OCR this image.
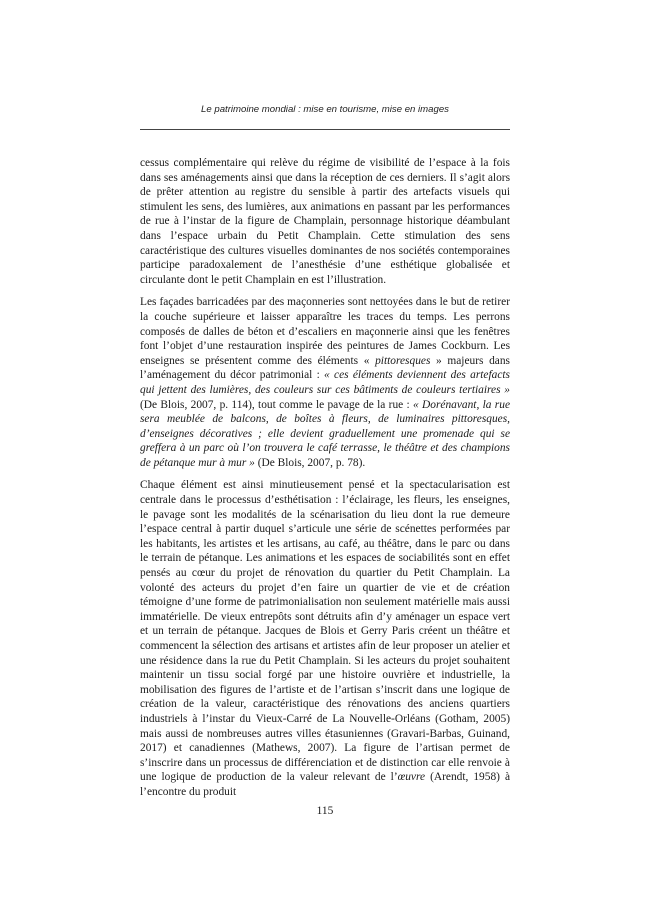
Le patrimoine mondial : mise en tourisme, mise en images

cessus complémentaire qui relève du régime de visibilité de l’espace à la fois dans ses aménagements ainsi que dans la réception de ces derniers. Il s’agit alors de prêter attention au registre du sensible à partir des artefacts visuels qui stimulent les sens, des lumières, aux animations en passant par les performances de rue à l’instar de la figure de Champlain, personnage historique déambulant dans l’espace urbain du Petit Champlain. Cette stimulation des sens caractéristique des cultures visuelles dominantes de nos sociétés contemporaines participe paradoxalement de l’anesthésie d’une esthétique globalisée et circulante dont le petit Champlain en est l’illustration.

Les façades barricadées par des maçonneries sont nettoyées dans le but de retirer la couche supérieure et laisser apparaître les traces du temps. Les perrons composés de dalles de béton et d’escaliers en maçonnerie ainsi que les fenêtres font l’objet d’une restauration inspirée des peintures de James Cockburn. Les enseignes se présentent comme des éléments « pittoresques » majeurs dans l’aménagement du décor patrimonial : « ces éléments deviennent des artefacts qui jettent des lumières, des couleurs sur ces bâtiments de couleurs tertiaires » (De Blois, 2007, p. 114), tout comme le pavage de la rue : « Dorénavant, la rue sera meublée de balcons, de boîtes à fleurs, de luminaires pittoresques, d’enseignes décoratives ; elle devient graduellement une promenade qui se greffera à un parc où l’on trouvera le café terrasse, le théâtre et des champions de pétanque mur à mur » (De Blois, 2007, p. 78).

Chaque élément est ainsi minutieusement pensé et la spectacularisation est centrale dans le processus d’esthétisation : l’éclairage, les fleurs, les enseignes, le pavage sont les modalités de la scénarisation du lieu dont la rue demeure l’espace central à partir duquel s’articule une série de scénettes performées par les habitants, les artistes et les artisans, au café, au théâtre, dans le parc ou dans le terrain de pétanque. Les animations et les espaces de sociabilités sont en effet pensés au cœur du projet de rénovation du quartier du Petit Champlain. La volonté des acteurs du projet d’en faire un quartier de vie et de création témoigne d’une forme de patrimonialisation non seulement matérielle mais aussi immatérielle. De vieux entrepôts sont détruits afin d’y aménager un espace vert et un terrain de pétanque. Jacques de Blois et Gerry Paris créent un théâtre et commencent la sélection des artisans et artistes afin de leur proposer un atelier et une résidence dans la rue du Petit Champlain. Si les acteurs du projet souhaitent maintenir un tissu social forgé par une histoire ouvrière et industrielle, la mobilisation des figures de l’artiste et de l’artisan s’inscrit dans une logique de création de la valeur, caractéristique des rénovations des anciens quartiers industriels à l’instar du Vieux-Carré de La Nouvelle-Orléans (Gotham, 2005) mais aussi de nombreuses autres villes étasuniennes (Gravari-Barbas, Guinand, 2017) et canadiennes (Mathews, 2007). La figure de l’artisan permet de s’inscrire dans un processus de différenciation et de distinction car elle renvoie à une logique de production de la valeur relevant de l’œuvre (Arendt, 1958) à l’encontre du produit

115
